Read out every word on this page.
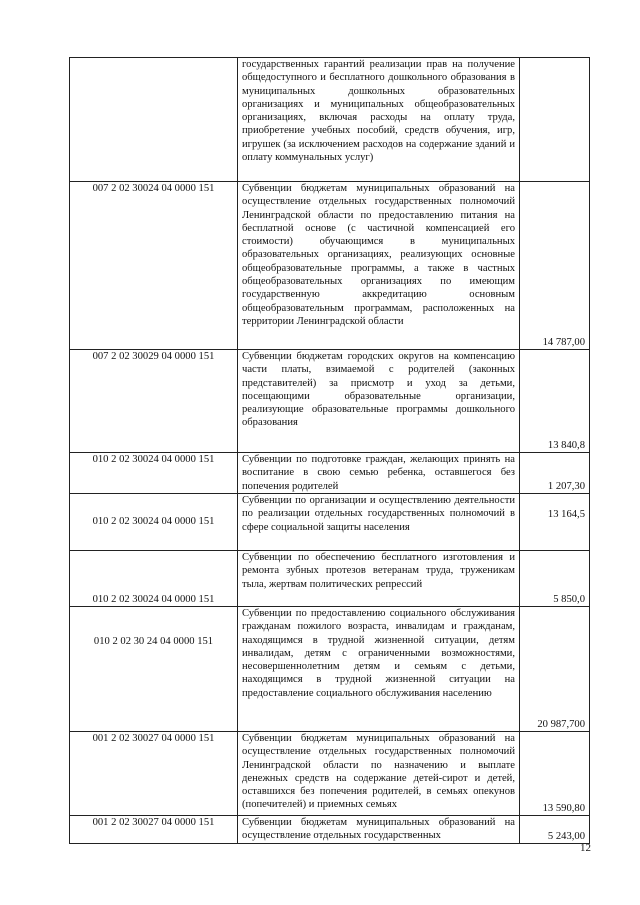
	государственных гарантий реализации прав на получение общедоступного и бесплатного дошкольного образования в муниципальных дошкольных образовательных организациях и муниципальных общеобразовательных организациях, включая расходы на оплату труда, приобретение учебных пособий, средств обучения, игр, игрушек (за исключением расходов на содержание зданий и оплату коммунальных услуг)	
007 2 02 30024 04 0000 151	Субвенции бюджетам муниципальных образований на осуществление отдельных государственных полномочий Ленинградской области по предоставлению питания на бесплатной основе (с частичной компенсацией его стоимости) обучающимся в муниципальных образовательных организациях, реализующих основные общеобразовательные программы, а также в частных общеобразовательных организациях по имеющим государственную аккредитацию основным общеобразовательным программам, расположенных на территории Ленинградской области	14 787,00
007 2 02 30029 04 0000 151	Субвенции бюджетам городских округов на компенсацию части платы, взимаемой с родителей (законных представителей) за присмотр и уход за детьми, посещающими образовательные организации, реализующие образовательные программы дошкольного образования	13 840,8
010 2 02 30024 04 0000 151	Субвенции по подготовке граждан, желающих принять на воспитание в свою семью ребенка, оставшегося без попечения родителей	1 207,30
010 2 02 30024 04 0000 151	Субвенции по организации и осуществлению деятельности по реализации отдельных государственных полномочий в сфере социальной защиты населения	13 164,5
010 2 02 30024 04 0000 151	Субвенции по обеспечению бесплатного изготовления и ремонта зубных протезов ветеранам труда, труженикам тыла, жертвам политических репрессий	5 850,0
010 2 02 30 24 04 0000 151	Субвенции по предоставлению социального обслуживания гражданам пожилого возраста, инвалидам и гражданам, находящимся в трудной жизненной ситуации, детям инвалидам, детям с ограниченными возможностями, несовершеннолетним детям и семьям с детьми, находящимся в трудной жизненной ситуации на предоставление социального обслуживания населению	20 987,700
001 2 02 30027 04 0000 151	Субвенции бюджетам муниципальных образований на осуществление отдельных государственных полномочий Ленинградской области по назначению и выплате денежных средств на содержание детей-сирот и детей, оставшихся без попечения родителей, в семьях опекунов (попечителей) и приемных семьях	13 590,80
001 2 02 30027 04 0000 151	Субвенции бюджетам муниципальных образований на осуществление отдельных государственных	5 243,00
12
